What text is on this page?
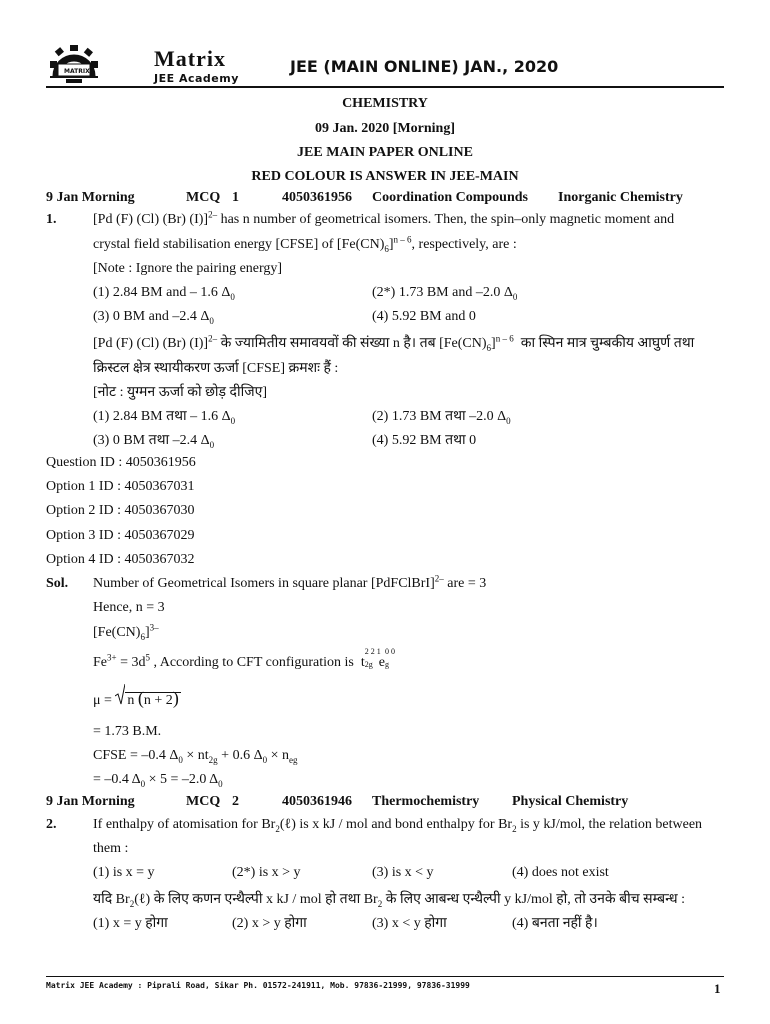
MATRIX
Matrix
JEE Academy
JEE (MAIN ONLINE) JAN., 2020
CHEMISTRY
09 Jan. 2020 [Morning]
JEE MAIN PAPER ONLINE
RED COLOUR IS ANSWER IN JEE-MAIN
9 Jan Morning	MCQ 1	4050361956 Coordination Compounds Inorganic Chemistry
1.	[Pd (F) (Cl) (Br) (I)]$^{2-}$ has n number of geometrical isomers. Then, the spin–only magnetic moment and
crystal field stabilisation energy [CFSE] of $[Fe(CN)_6]^{n - 6}$, respectively, are :
[Note : Ignore the pairing energy]
(1) 2.84 BM and – 1.6 $\Delta_0$	(2*) 1.73 BM and –2.0 $\Delta_0$
(3) 0 BM and –2.4 $\Delta_0$	(4) 5.92 BM and 0
[Pd (F) (Cl) (Br) (I)]$^{2-}$ के ज्यामितीय समावयवों की संख्या n है। तब $[Fe(CN)_6]^{n - 6}$ का स्पिन मात्र चुम्बकीय आघुर्ण तथा
क्रिस्टल क्षेत्र स्थायीकरण ऊर्जा [CFSE] क्रमशः हैं :
[नोट : युग्मन ऊर्जा को छोड़ दीजिए]
(1) 2.84 BM तथा – 1.6 $\Delta_0$	(2) 1.73 BM तथा –2.0 $\Delta_0$
(3) 0 BM तथा –2.4 $\Delta_0$	(4) 5.92 BM तथा 0
Question ID : 4050361956
Option 1 ID : 4050367031
Option 2 ID : 4050367030
Option 3 ID : 4050367029
Option 4 ID : 4050367032
Sol. Number of Geometrical Isomers in square planar [PdFClBrI]$^{2-}$ are = 3
Hence, n = 3
$[Fe(CN)_6]^{3-}$
$Fe^{3+} = 3d^5$ , According to CFT configuration is  t
2 2 1
2g e
0 0
g
μ =
n (n + 2)
= 1.73 B.M.
CFSE = –0.4 $\Delta_0 \times nt_{2g} + 0.6$ $\Delta_0 \times n_{eg}$
= –0.4 $\Delta_0 \times 5 = -2.0$ $\Delta_0$
9 Jan Morning	MCQ 2	4050361946 Thermochemistry Physical Chemistry
2.	If enthalpy of atomisation for $Br_2(\ell)$ is x kJ / mol and bond enthalpy for $Br_2$ is y kJ/mol, the relation between
them :
(1) is x = y	(2*) is x > y	(3) is x < y	(4) does not exist
यदि $Br_2(\ell)$ के लिए कणन एन्थैल्पी x kJ / mol हो तथा $Br_2$ के लिए आबन्ध एन्थैल्पी y kJ/mol हो, तो उनके बीच सम्बन्ध :
(1) x = y होगा	(2) x > y होगा	(3) x < y होगा	(4) बनता नहीं है।
Matrix JEE Academy : Piprali Road, Sikar Ph. 01572-241911, Mob. 97836-21999, 97836-31999	1
